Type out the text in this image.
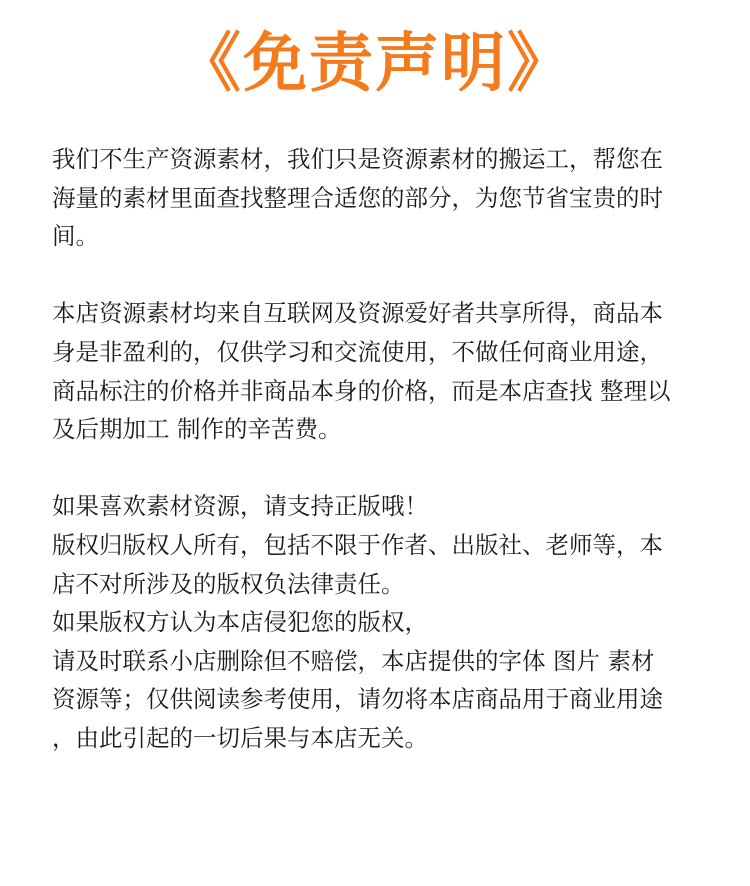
《免责声明》

我们不生产资源素材，我们只是资源素材的搬运工，帮您在
海量的素材里面查找整理合适您的部分，为您节省宝贵的时
间。

本店资源素材均来自互联网及资源爱好者共享所得，商品本
身是非盈利的，仅供学习和交流使用，不做任何商业用途，
商品标注的价格并非商品本身的价格，而是本店查找 整理以
及后期加工 制作的辛苦费。

如果喜欢素材资源，请支持正版哦！
版权归版权人所有，包括不限于作者、出版社、老师等，本
店不对所涉及的版权负法律责任。
如果版权方认为本店侵犯您的版权，
请及时联系小店删除但不赔偿，本店提供的字体 图片 素材
资源等；仅供阅读参考使用，请勿将本店商品用于商业用途
，由此引起的一切后果与本店无关。
